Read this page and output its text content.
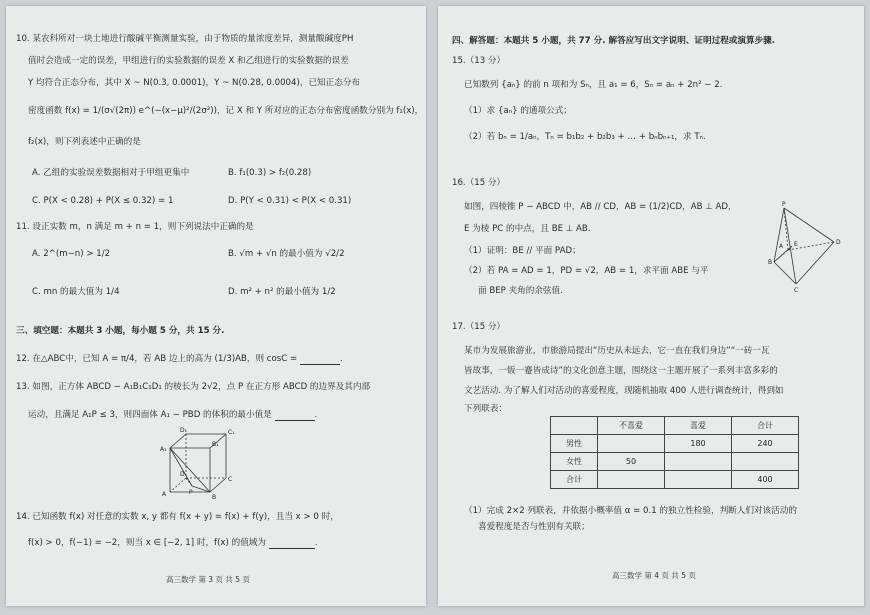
10. 某农科所对一块土地进行酸碱平衡测量实验，由于物质的量浓度差异，测量酸碱度PH
值时会造成一定的误差，甲组进行的实验数据的误差 X 和乙组进行的实验数据的误差
Y 均符合正态分布，其中 X ~ N(0.3, 0.0001)，Y ~ N(0.28, 0.0004)，已知正态分布
密度函数 f(x) = 1/(σ√(2π)) e^(−(x−μ)²/(2σ²))，记 X 和 Y 所对应的正态分布密度函数分别为 f₁(x)，
f₂(x)，则下列表述中正确的是
A. 乙组的实验误差数据相对于甲组更集中	B. f₁(0.3) > f₂(0.28)
C. P(X < 0.28) + P(X ≤ 0.32) = 1	D. P(Y < 0.31) < P(X < 0.31)
11. 设正实数 m，n 满足 m + n = 1，则下列说法中正确的是
A. 2^(m−n) > 1/2	B. √m + √n 的最小值为 √2/2
C. mn 的最大值为 1/4	D. m² + n² 的最小值为 1/2
三、填空题：本题共 3 小题，每小题 5 分，共 15 分.
12. 在△ABC中，已知 A = π/4，若 AB 边上的高为 (1/3)AB，则 cosC =	.
13. 如图，正方体 ABCD − A₁B₁C₁D₁ 的棱长为 2√2，点 P 在正方形 ABCD 的边界及其内部
运动，且满足 A₁P ≤ 3，则四面体 A₁ − PBD 的体积的最小值是	.
A₁
B₁
C₁
D₁
A	B
C
D
P
14. 已知函数 f(x) 对任意的实数 x, y 都有 f(x + y) = f(x) + f(y)，且当 x > 0 时，
f(x) > 0，f(−1) = −2，则当 x ∈ [−2, 1] 时，f(x) 的值域为	.
高三数学 第 3 页 共 5 页
四、解答题：本题共 5 小题，共 77 分. 解答应写出文字说明、证明过程或演算步骤.
15.（13 分）
已知数列 {aₙ} 的前 n 项和为 Sₙ，且 a₁ = 6，Sₙ = aₙ + 2n² − 2.
（1）求 {aₙ} 的通项公式；
（2）若 bₙ = 1/aₙ，Tₙ = b₁b₂ + b₂b₃ + … + bₙbₙ₊₁，求 Tₙ.
16.（15 分）
如图，四棱锥 P − ABCD 中，AB // CD，AB = (1/2)CD，AB ⊥ AD，
E 为棱 PC 的中点，且 BE ⊥ AB.
（1）证明：BE // 平面 PAD；
（2）若 PA = AD = 1，PD = √2，AB = 1，求平面 ABE 与平
面 BEP 夹角的余弦值.
P
A
B
C
D
E
17.（15 分）
某市为发展旅游业，市旅游局提出“历史从未远去，它一直在我们身边”“一砖一瓦
皆故事，一钣一蹇皆成诗”的文化创意主题，围绕这一主题开展了一系列丰富多彩的
文艺活动. 为了解人们对活动的喜爱程度，现随机抽取 400 人进行调查统计，得到如
下列联表：
	不喜爱	喜爱	合计
男性		180	240
女性	50		
合计			400
（1）完成 2×2 列联表，并依据小概率值 α = 0.1 的独立性检验，判断人们对该活动的
喜爱程度是否与性别有关联；
高三数学 第 4 页 共 5 页
